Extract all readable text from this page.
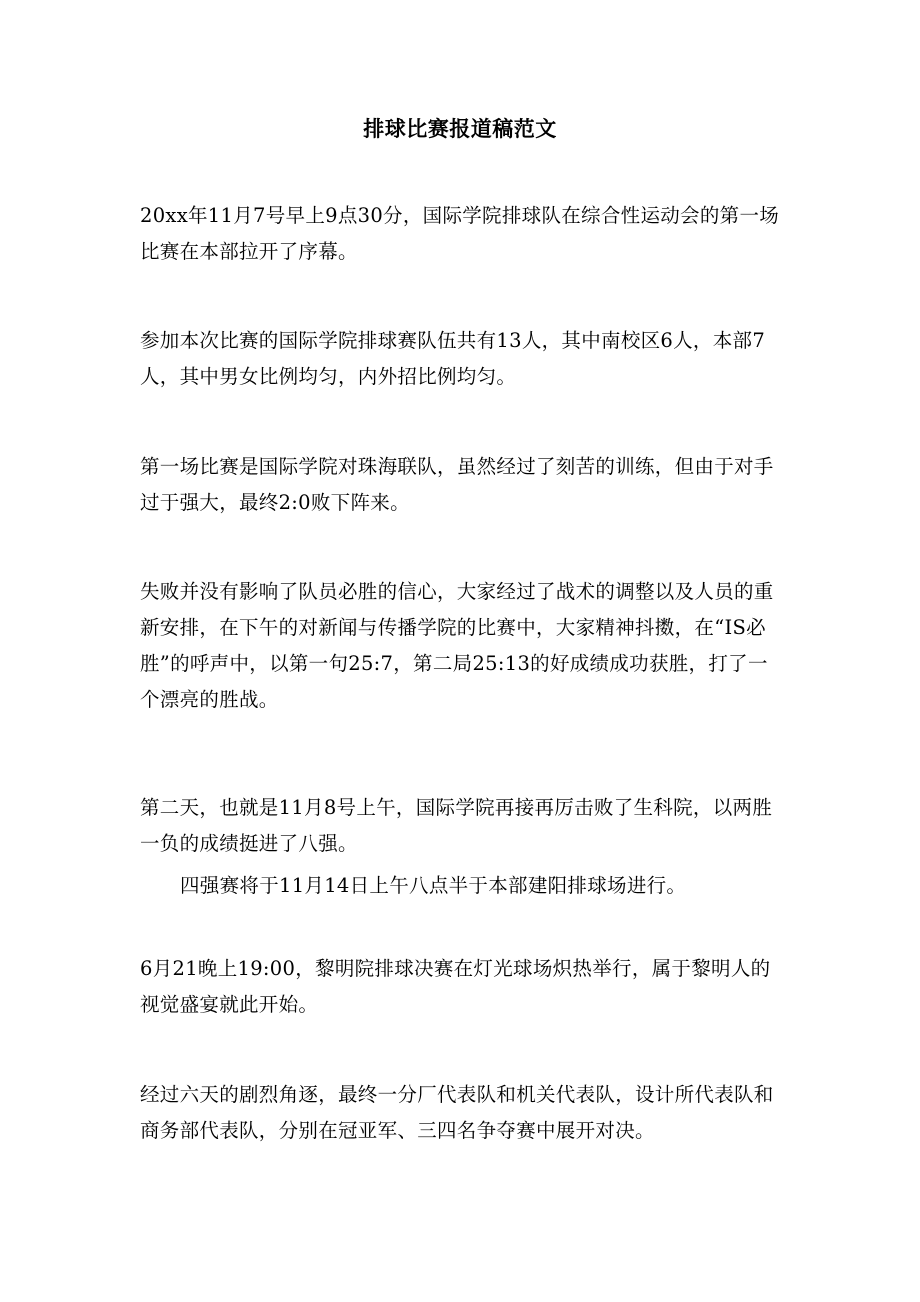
排球比赛报道稿范文

20xx年11月7号早上9点30分，国际学院排球队在综合性运动会的第一场比赛在本部拉开了序幕。

参加本次比赛的国际学院排球赛队伍共有13人，其中南校区6人，本部7人，其中男女比例均匀，内外招比例均匀。

第一场比赛是国际学院对珠海联队，虽然经过了刻苦的训练，但由于对手过于强大，最终2:0败下阵来。

失败并没有影响了队员必胜的信心，大家经过了战术的调整以及人员的重新安排，在下午的对新闻与传播学院的比赛中，大家精神抖擞，在“IS必胜”的呼声中，以第一句25:7，第二局25:13的好成绩成功获胜，打了一个漂亮的胜战。

第二天，也就是11月8号上午，国际学院再接再厉击败了生科院，以两胜一负的成绩挺进了八强。

四强赛将于11月14日上午八点半于本部建阳排球场进行。

6月21晚上19:00，黎明院排球决赛在灯光球场炽热举行，属于黎明人的视觉盛宴就此开始。

经过六天的剧烈角逐，最终一分厂代表队和机关代表队，设计所代表队和商务部代表队，分别在冠亚军、三四名争夺赛中展开对决。
